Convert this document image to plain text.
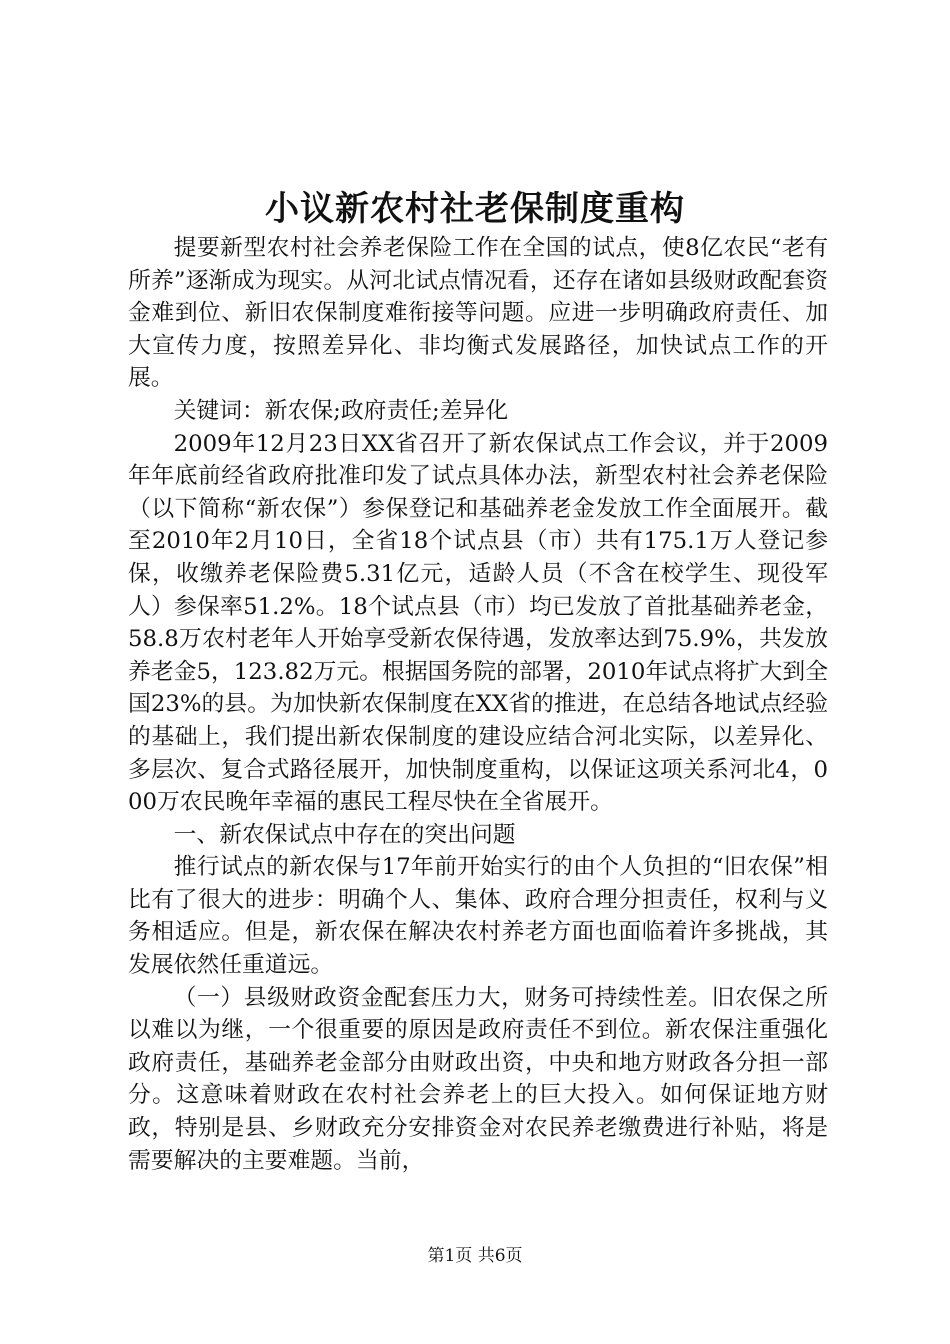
小议新农村社老保制度重构

提要新型农村社会养老保险工作在全国的试点，使8亿农民“老有所养”逐渐成为现实。从河北试点情况看，还存在诸如县级财政配套资金难到位、新旧农保制度难衔接等问题。应进一步明确政府责任、加大宣传力度，按照差异化、非均衡式发展路径，加快试点工作的开展。

关键词：新农保;政府责任;差异化

2009年12月23日XX省召开了新农保试点工作会议，并于2009年年底前经省政府批准印发了试点具体办法，新型农村社会养老保险（以下简称“新农保”）参保登记和基础养老金发放工作全面展开。截至2010年2月10日，全省18个试点县（市）共有175.1万人登记参保，收缴养老保险费5.31亿元，适龄人员（不含在校学生、现役军人）参保率51.2%。18个试点县（市）均已发放了首批基础养老金，58.8万农村老年人开始享受新农保待遇，发放率达到75.9%，共发放养老金5，123.82万元。根据国务院的部署，2010年试点将扩大到全国23%的县。为加快新农保制度在XX省的推进，在总结各地试点经验的基础上，我们提出新农保制度的建设应结合河北实际，以差异化、多层次、复合式路径展开，加快制度重构，以保证这项关系河北4，000万农民晚年幸福的惠民工程尽快在全省展开。

一、新农保试点中存在的突出问题

推行试点的新农保与17年前开始实行的由个人负担的“旧农保”相比有了很大的进步：明确个人、集体、政府合理分担责任，权利与义务相适应。但是，新农保在解决农村养老方面也面临着许多挑战，其发展依然任重道远。

（一）县级财政资金配套压力大，财务可持续性差。旧农保之所以难以为继，一个很重要的原因是政府责任不到位。新农保注重强化政府责任，基础养老金部分由财政出资，中央和地方财政各分担一部分。这意味着财政在农村社会养老上的巨大投入。如何保证地方财政，特别是县、乡财政充分安排资金对农民养老缴费进行补贴，将是需要解决的主要难题。当前，

第1页 共6页
